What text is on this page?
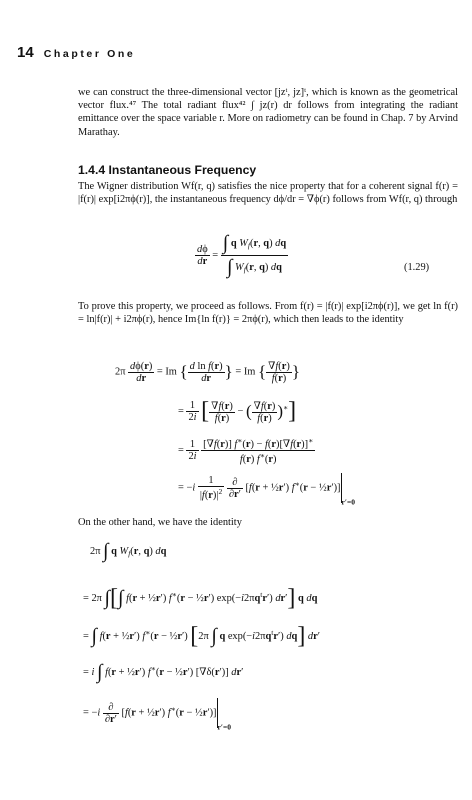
14 Chapter One
we can construct the three-dimensional vector [jzᵗ, jz]ᵗ, which is known as the geometrical vector flux.⁴⁷ The total radiant flux⁴² ∫ jz(r) dr follows from integrating the radiant emittance over the space variable r. More on radiometry can be found in Chap. 7 by Arvind Marathay.
1.4.4 Instantaneous Frequency
The Wigner distribution Wf(r, q) satisfies the nice property that for a coherent signal f(r) = |f(r)| exp[i2πϕ(r)], the instantaneous frequency dϕ/dr = ∇ϕ(r) follows from Wf(r, q) through
$\frac{d\phi}{dr} = \frac{\int q W_f(r, q) dq}{\int W_f(r, q) dq}$	(1.29)
To prove this property, we proceed as follows. From f(r) = |f(r)| exp[i2πϕ(r)], we get ln f(r) = ln|f(r)| + i2πϕ(r), hence Im{ln f(r)} = 2πϕ(r), which then leads to the identity
$2\pi \frac{d\phi(r)}{dr} = Im$ { $\frac{\text{d ln f(r)}}{dr}$ } = Im { $\frac{\nabla f(r)}{f(r)}$ }
= $\frac{1}{2i}$ [ $\frac{\nabla f(r)}{f(r)}$ − ( $\frac{\nabla f(r)}{f(r)} )^∗$]
= $\frac{1}{2i}$
$\frac{[\nabla f(r)] f^∗(r) - f(r)[\nabla f(r)]^∗}{f(r) f^∗(r)}$
= $-i \frac{1}{|f(r)|^2}$
$\frac{\partial}{\partial r'} [f(r$ + ½r′) $f^∗(r - \frac{1}{2}r')]_{r'=0}$
On the other hand, we have the identity
2π ∫ q $W_f(r$, q) dq
= 2π ∫[∫ f(r + ½r′) f∗(r − ½r′) $\exp(-i2\pi q^tr')$ dr′] q dq
= ∫ f(r + ½r′) f∗(r − ½r′) [2π ∫ q $\exp(-i2\pi q^tr')$ dq] dr′
= i ∫ f(r + ½r′) f∗(r − ½r′) [∇δ(r′)] dr′
= $-i \frac{\partial}{\partial r'} [f(r$ + ½r′) $f^∗(r - \frac{1}{2}r')]_{r'=0}$
